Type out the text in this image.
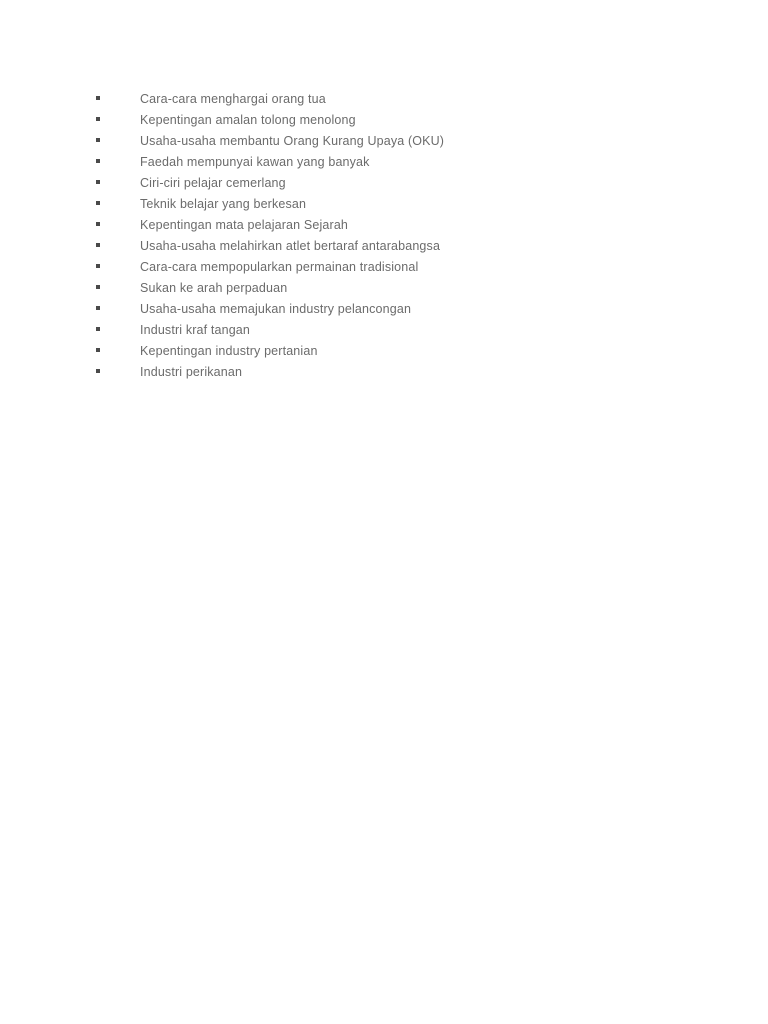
Cara-cara menghargai orang tua
Kepentingan amalan tolong menolong
Usaha-usaha membantu Orang Kurang Upaya (OKU)
Faedah mempunyai kawan yang banyak
Ciri-ciri pelajar cemerlang
Teknik belajar yang berkesan
Kepentingan mata pelajaran Sejarah
Usaha-usaha melahirkan atlet bertaraf antarabangsa
Cara-cara mempopularkan permainan tradisional
Sukan ke arah perpaduan
Usaha-usaha memajukan industry pelancongan
Industri kraf tangan
Kepentingan industry pertanian
Industri perikanan
